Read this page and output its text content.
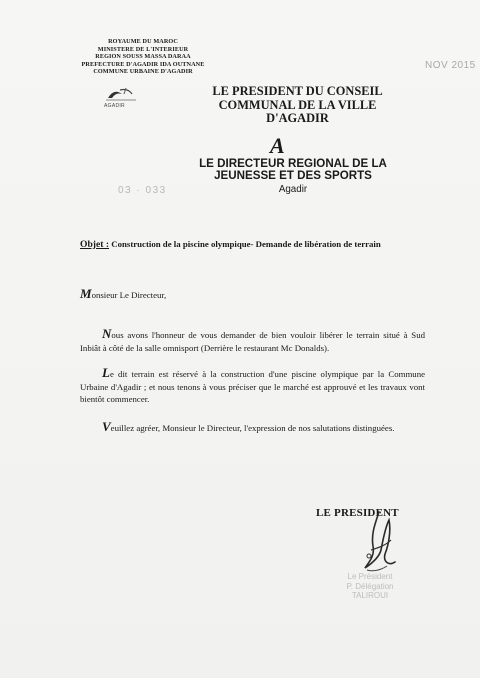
ROYAUME DU MAROC
MINISTERE DE L'INTERIEUR
REGION SOUSS MASSA DARAA
PREFECTURE D'AGADIR IDA OUTNANE
COMMUNE URBAINE D'AGADIR
NOV 2015
AGADIR
LE PRESIDENT DU CONSEIL
COMMUNAL DE LA VILLE
D'AGADIR
A
LE DIRECTEUR REGIONAL DE LA
JEUNESSE ET DES SPORTS
Agadir
03 · 033
Objet : Construction de la piscine olympique- Demande de libération de terrain
Monsieur Le Directeur,
Nous avons l'honneur de vous demander de bien vouloir libérer le terrain situé à Sud Inbiât à côté de la salle omnisport (Derrière le restaurant Mc Donalds).
Le dit terrain est réservé à la construction d'une piscine olympique par la Commune Urbaine d'Agadir ; et nous tenons à vous préciser que le marché est approuvé et les travaux vont bientôt commencer.
Veuillez agréer, Monsieur le Directeur, l'expression de nos salutations distinguées.
LE PRESIDENT
Le Président
P. Délégation
TALIROUI
